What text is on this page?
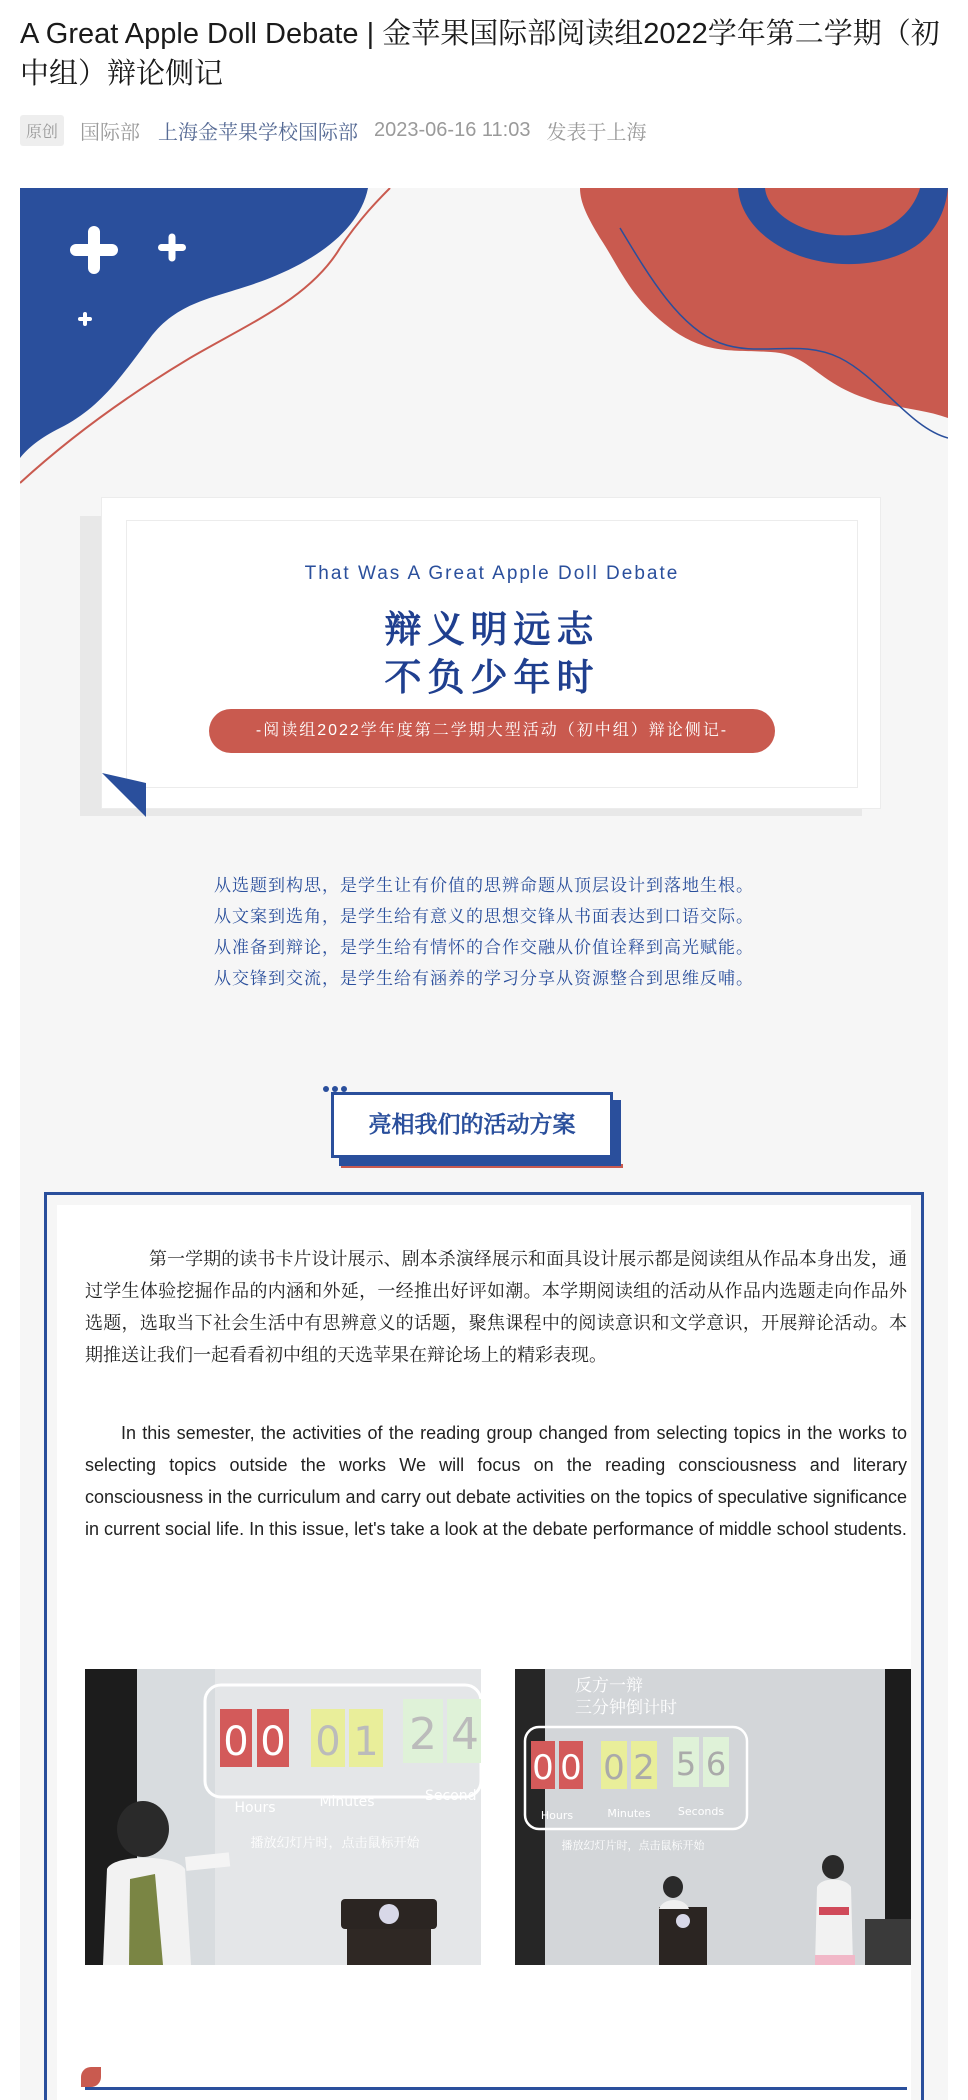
A Great Apple Doll Debate | 金苹果国际部阅读组2022学年第二学期（初中组）辩论侧记
原创	国际部 上海金苹果学校国际部 2023-06-16 11:03 发表于上海
That Was A Great Apple Doll Debate
辩义明远志
不负少年时
-阅读组2022学年度第二学期大型活动（初中组）辩论侧记-
从选题到构思，是学生让有价值的思辨命题从顶层设计到落地生根。
从文案到选角，是学生给有意义的思想交锋从书面表达到口语交际。
从准备到辩论，是学生给有情怀的合作交融从价值诠释到高光赋能。
从交锋到交流，是学生给有涵养的学习分享从资源整合到思维反哺。
亮相我们的活动方案
第一学期的读书卡片设计展示、剧本杀演绎展示和面具设计展示都是阅读组从作品本身出发，通过学生体验挖掘作品的内涵和外延，一经推出好评如潮。本学期阅读组的活动从作品内选题走向作品外选题，选取当下社会生活中有思辨意义的话题，聚焦课程中的阅读意识和文学意识，开展辩论活动。本期推送让我们一起看看初中组的天选苹果在辩论场上的精彩表现。
In this semester, the activities of the reading group changed from selecting topics in the works to selecting topics outside the works We will focus on the reading consciousness and literary consciousness in the curriculum and carry out debate activities on the topics of speculative significance in current social life. In this issue, let's take a look at the debate performance of middle school students.
0 0 0 1 2 4
Hours	Minutes	Second
播放幻灯片时，点击鼠标开始
反方一辩
三分钟倒计时
0 0 0 2 5 6
Hours	Minutes Seconds
播放幻灯片时，点击鼠标开始
